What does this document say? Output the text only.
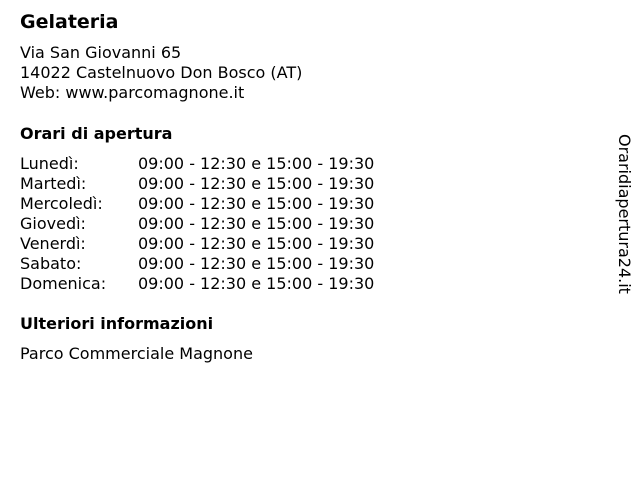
Gelateria
Via San Giovanni 65
14022 Castelnuovo Don Bosco (AT)
Web: www.parcomagnone.it
Orari di apertura
Lunedì:	09:00 - 12:30 e 15:00 - 19:30
Martedì:	09:00 - 12:30 e 15:00 - 19:30
Mercoledì: 09:00 - 12:30 e 15:00 - 19:30
Giovedì:	09:00 - 12:30 e 15:00 - 19:30
Venerdì:	09:00 - 12:30 e 15:00 - 19:30
Sabato:	09:00 - 12:30 e 15:00 - 19:30
Domenica: 09:00 - 12:30 e 15:00 - 19:30
Ulteriori informazioni
Parco Commerciale Magnone
Oraridiapertura24.it
